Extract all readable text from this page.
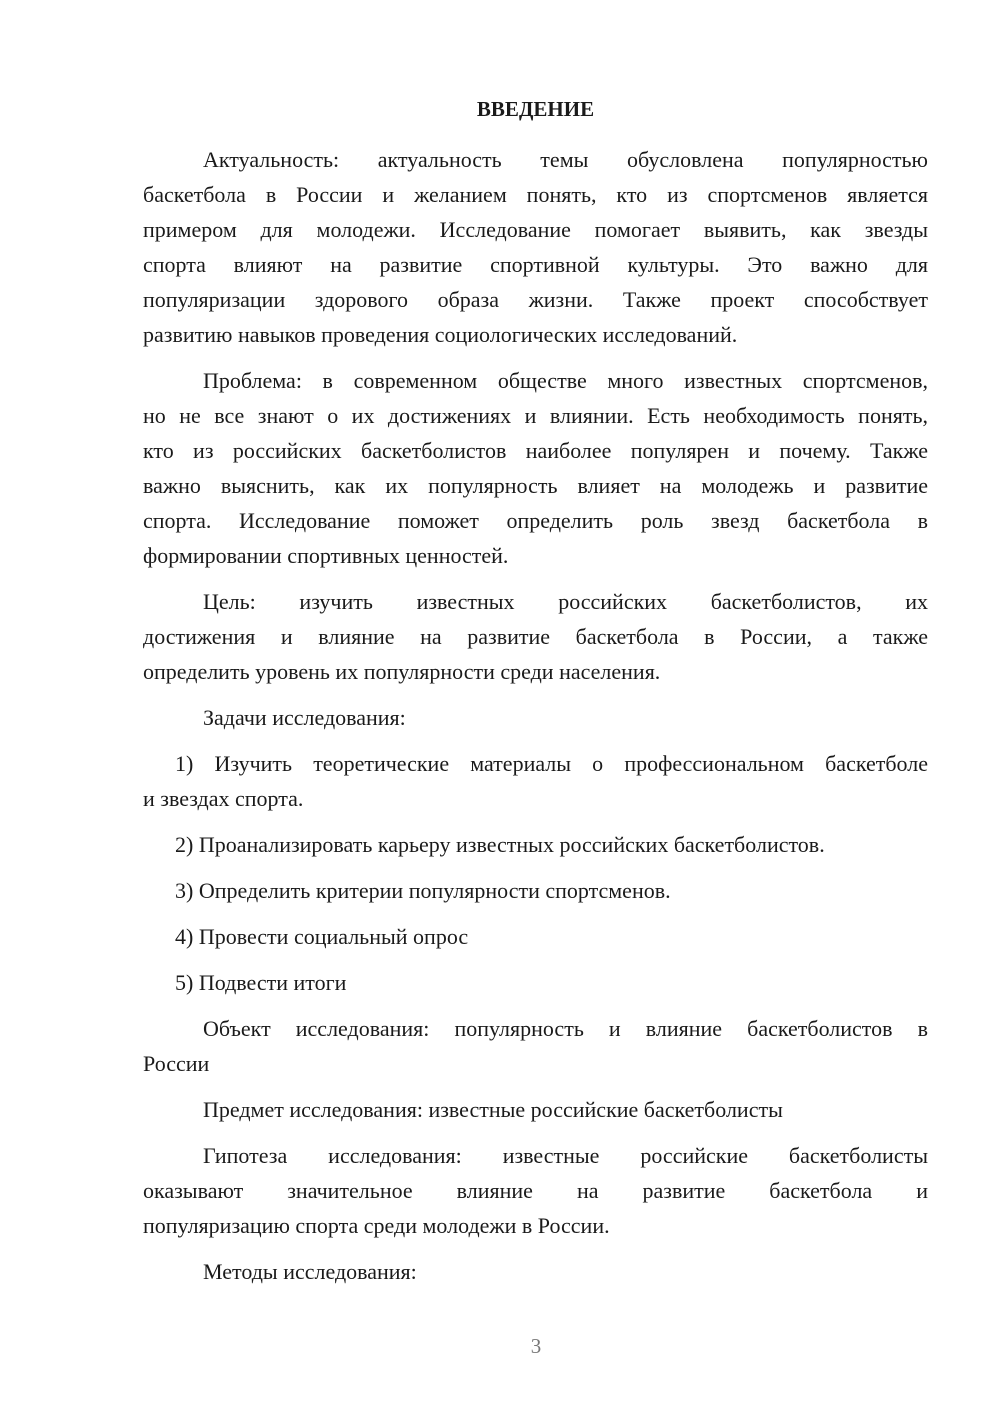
ВВЕДЕНИЕ
Актуальность: актуальность темы обусловлена популярностью
баскетбола в России и желанием понять, кто из спортсменов является
примером для молодежи. Исследование помогает выявить, как звезды
спорта влияют на развитие спортивной культуры. Это важно для
популяризации здорового образа жизни. Также проект способствует
развитию навыков проведения социологических исследований.
Проблема: в современном обществе много известных спортсменов,
но не все знают о их достижениях и влиянии. Есть необходимость понять,
кто из российских баскетболистов наиболее популярен и почему. Также
важно выяснить, как их популярность влияет на молодежь и развитие
спорта. Исследование поможет определить роль звезд баскетбола в
формировании спортивных ценностей.
Цель: изучить известных российских баскетболистов, их
достижения и влияние на развитие баскетбола в России, а также
определить уровень их популярности среди населения.
Задачи исследования:
1) Изучить теоретические материалы о профессиональном баскетболе
и звездах спорта.
2) Проанализировать карьеру известных российских баскетболистов.
3) Определить критерии популярности спортсменов.
4) Провести социальный опрос
5) Подвести итоги
Объект исследования: популярность и влияние баскетболистов в
России
Предмет исследования: известные российские баскетболисты
Гипотеза исследования: известные российские баскетболисты
оказывают значительное влияние на развитие баскетбола и
популяризацию спорта среди молодежи в России.
Методы исследования:
3
